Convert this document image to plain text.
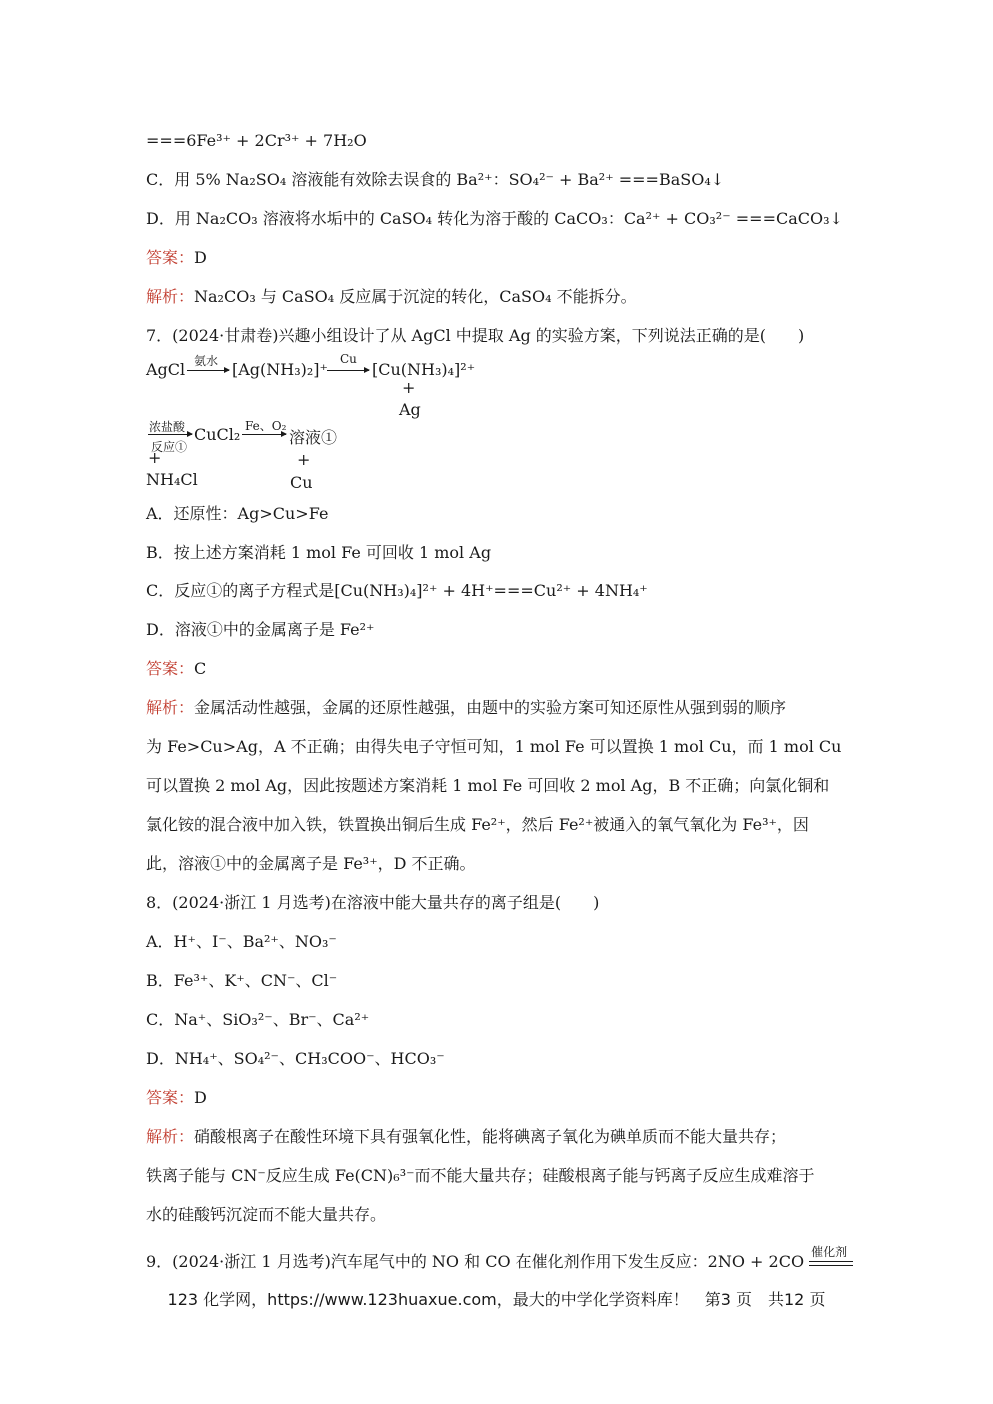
===6Fe³⁺ + 2Cr³⁺ + 7H₂O
C．用 5% Na₂SO₄ 溶液能有效除去误食的 Ba²⁺：SO₄²⁻ + Ba²⁺ ===BaSO₄↓
D．用 Na₂CO₃ 溶液将水垢中的 CaSO₄ 转化为溶于酸的 CaCO₃：Ca²⁺ + CO₃²⁻ ===CaCO₃↓
答案：D
解析：Na₂CO₃ 与 CaSO₄ 反应属于沉淀的转化，CaSO₄ 不能拆分。
7．(2024·甘肃卷)兴趣小组设计了从 AgCl 中提取 Ag 的实验方案，下列说法正确的是(　　)
AgCl 氨水 [Ag(NH₃)₂]⁺
Cu
[Cu(NH₃)₄]²⁺
+
Ag
浓盐酸
反应①
CuCl₂ Fe、O₂
溶液①
+
NH₄Cl
+
Cu
A．还原性：Ag>Cu>Fe
B．按上述方案消耗 1 mol Fe 可回收 1 mol Ag
C．反应①的离子方程式是[Cu(NH₃)₄]²⁺ + 4H⁺===Cu²⁺ + 4NH₄⁺
D．溶液①中的金属离子是 Fe²⁺
答案：C
解析：金属活动性越强，金属的还原性越强，由题中的实验方案可知还原性从强到弱的顺序
为 Fe>Cu>Ag，A 不正确；由得失电子守恒可知，1 mol Fe 可以置换 1 mol Cu，而 1 mol Cu
可以置换 2 mol Ag，因此按题述方案消耗 1 mol Fe 可回收 2 mol Ag，B 不正确；向氯化铜和
氯化铵的混合液中加入铁，铁置换出铜后生成 Fe²⁺，然后 Fe²⁺被通入的氧气氧化为 Fe³⁺，因
此，溶液①中的金属离子是 Fe³⁺，D 不正确。
8．(2024·浙江 1 月选考)在溶液中能大量共存的离子组是(　　)
A．H⁺、I⁻、Ba²⁺、NO₃⁻
B．Fe³⁺、K⁺、CN⁻、Cl⁻
C．Na⁺、SiO₃²⁻、Br⁻、Ca²⁺
D．NH₄⁺、SO₄²⁻、CH₃COO⁻、HCO₃⁻
答案：D
解析：硝酸根离子在酸性环境下具有强氧化性，能将碘离子氧化为碘单质而不能大量共存；
铁离子能与 CN⁻反应生成 Fe(CN)₆³⁻而不能大量共存；硅酸根离子能与钙离子反应生成难溶于
水的硅酸钙沉淀而不能大量共存。
9．(2024·浙江 1 月选考)汽车尾气中的 NO 和 CO 在催化剂作用下发生反应：2NO + 2CO
催化剂
123 化学网，https://www.123huaxue.com，最大的中学化学资料库！　第3 页　共12 页
